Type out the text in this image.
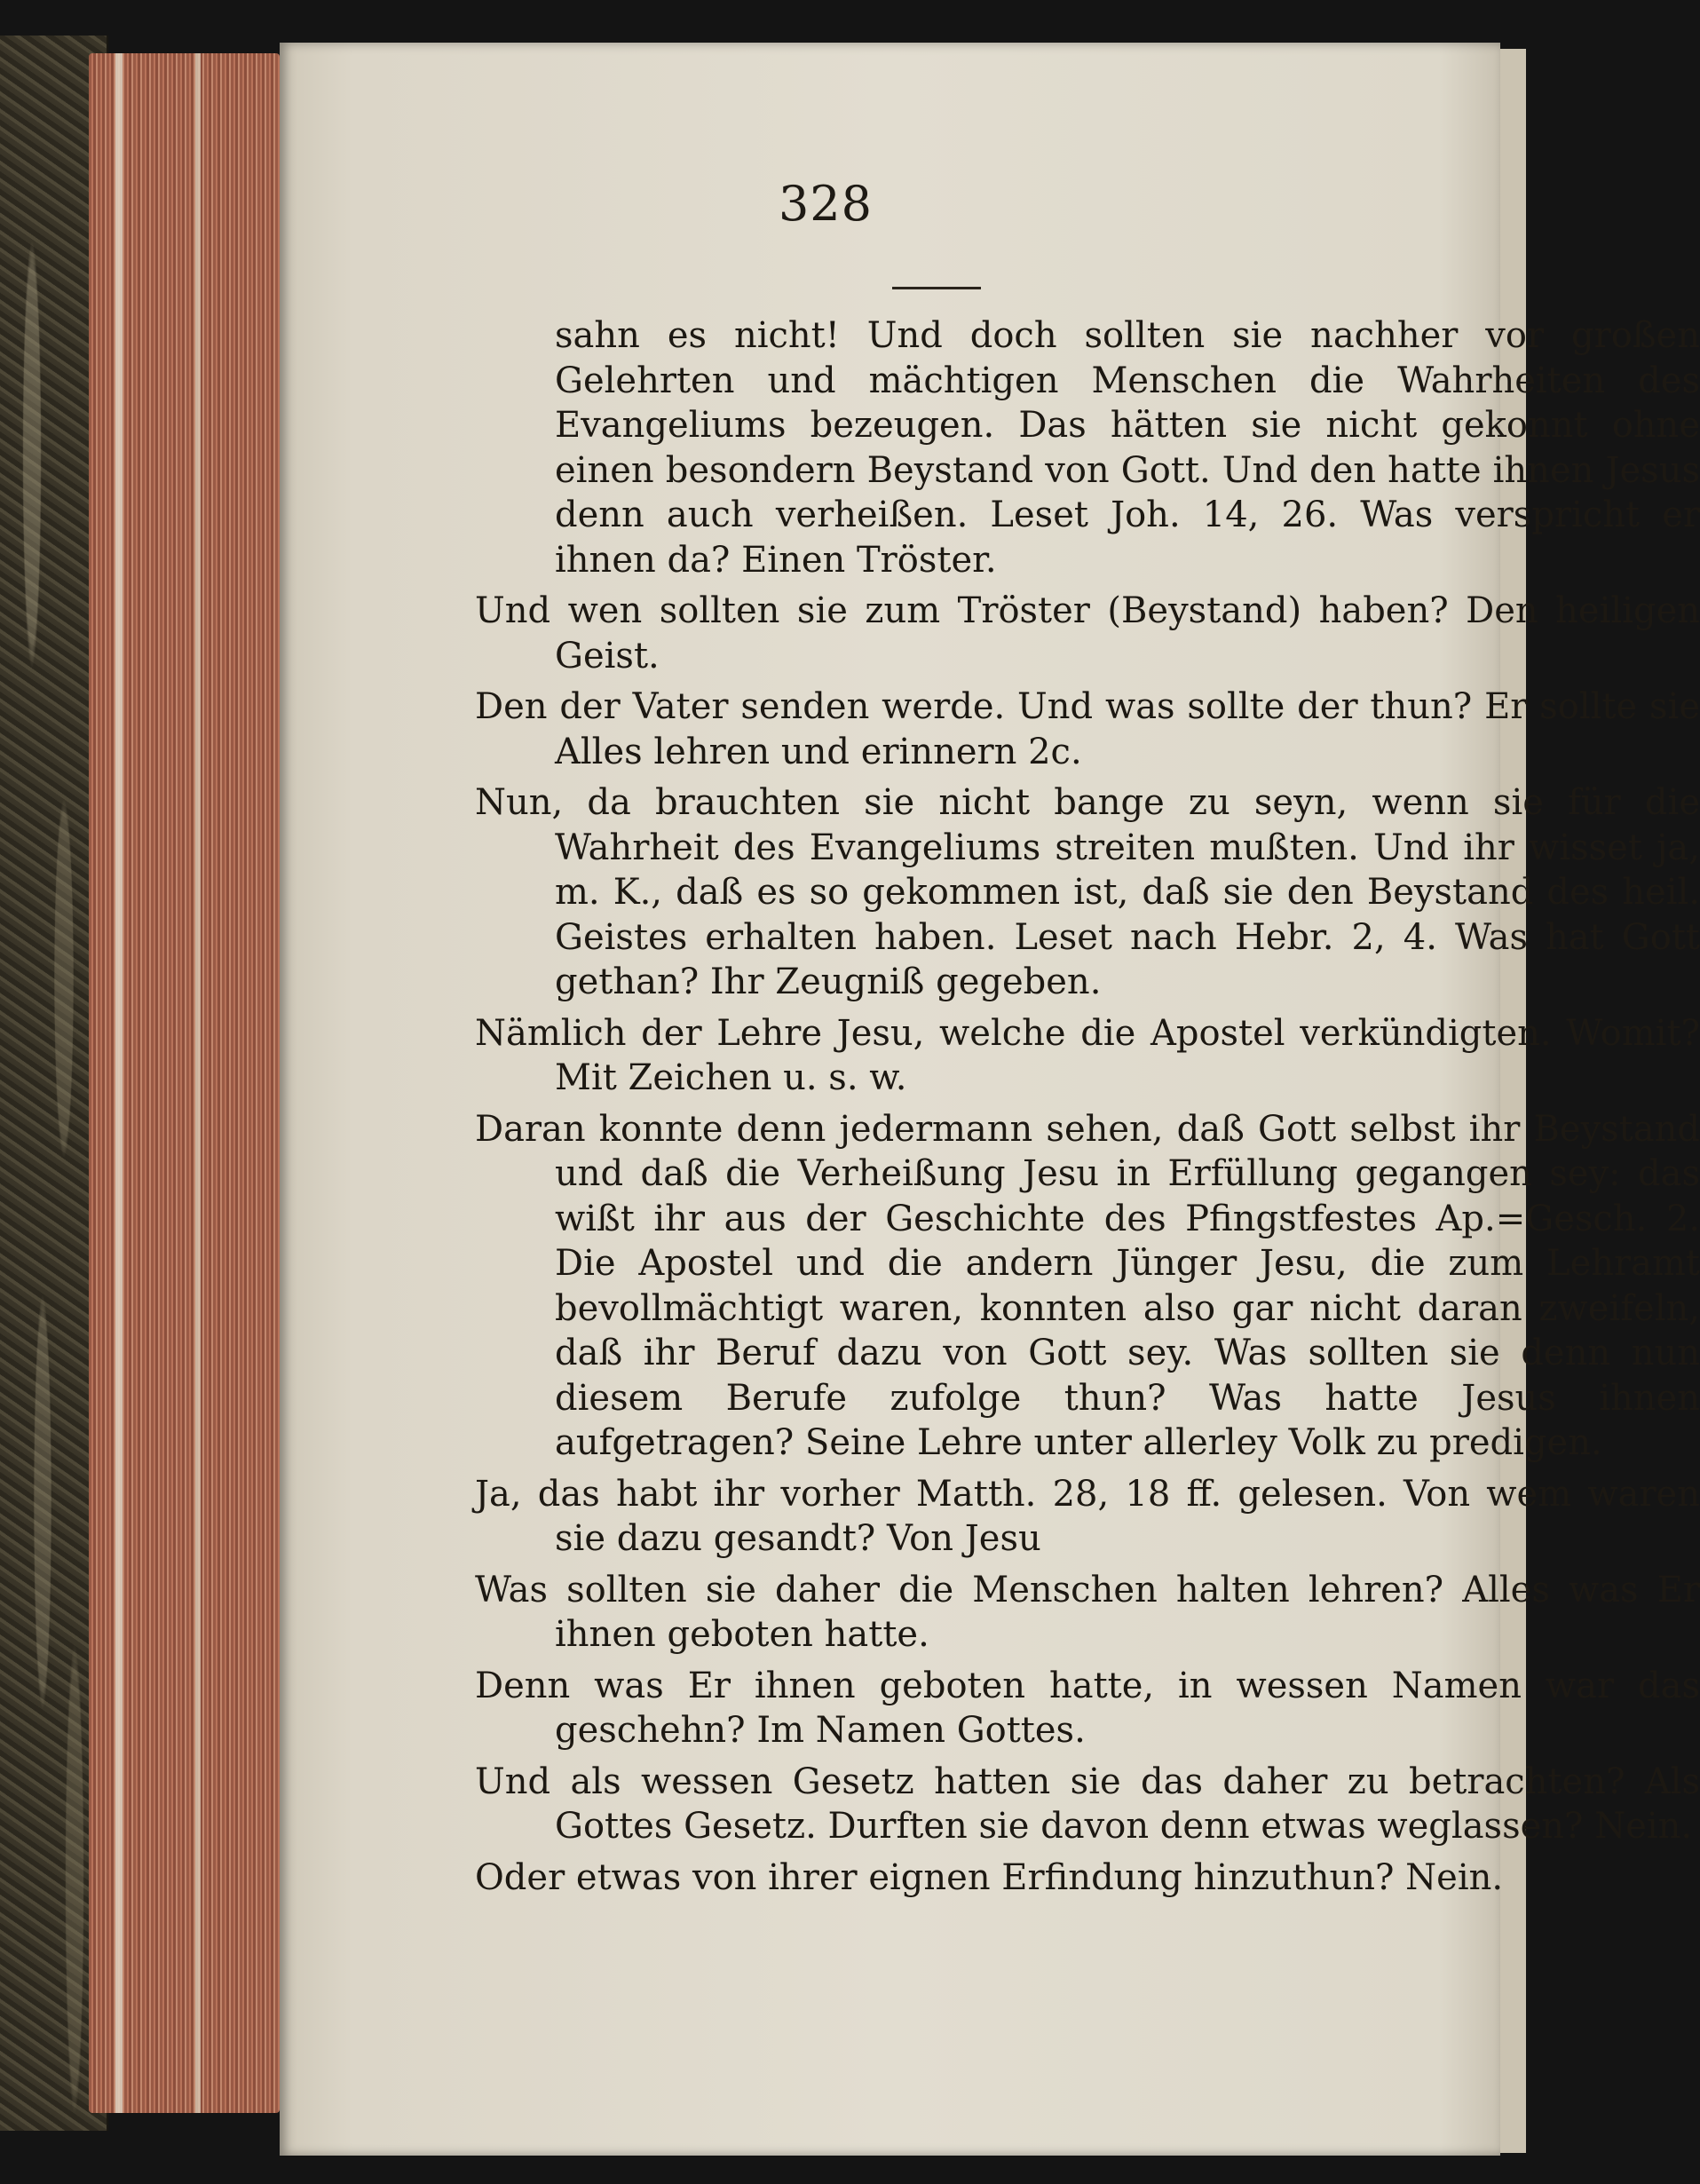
328

sahn es nicht! Und doch sollten sie nachher vor großen Gelehrten und mächtigen Menschen die Wahrheiten des Evangeliums bezeugen. Das hätten sie nicht gekonnt ohne einen besondern Beystand von Gott. Und den hatte ihnen Jesus denn auch verheißen. Leset Joh. 14, 26. Was verspricht er ihnen da? Einen Tröster.

Und wen sollten sie zum Tröster (Beystand) haben? Den heiligen Geist.

Den der Vater senden werde. Und was sollte der thun? Er sollte sie Alles lehren und erinnern 2c.

Nun, da brauchten sie nicht bange zu seyn, wenn sie für die Wahrheit des Evangeliums streiten mußten. Und ihr wisset ja, m. K., daß es so gekommen ist, daß sie den Beystand des heil. Geistes erhalten haben. Leset nach Hebr. 2, 4. Was hat Gott gethan? Ihr Zeugniß gegeben.

Nämlich der Lehre Jesu, welche die Apostel verkündigten. Womit? Mit Zeichen u. s. w.

Daran konnte denn jedermann sehen, daß Gott selbst ihr Beystand und daß die Verheißung Jesu in Erfüllung gegangen sey: das wißt ihr aus der Geschichte des Pfingstfestes Ap.=Gesch. 2. Die Apostel und die andern Jünger Jesu, die zum Lehramt bevollmächtigt waren, konnten also gar nicht daran zweifeln, daß ihr Beruf dazu von Gott sey. Was sollten sie denn nun diesem Berufe zufolge thun? Was hatte Jesus ihnen aufgetragen? Seine Lehre unter allerley Volk zu predigen.

Ja, das habt ihr vorher Matth. 28, 18 ff. gelesen. Von wem waren sie dazu gesandt? Von Jesu

Was sollten sie daher die Menschen halten lehren? Alles was Er ihnen geboten hatte.

Denn was Er ihnen geboten hatte, in wessen Namen war das geschehn? Im Namen Gottes.

Und als wessen Gesetz hatten sie das daher zu betrachten? Als Gottes Gesetz. Durften sie davon denn etwas weglassen? Nein.

Oder etwas von ihrer eignen Erfindung hinzuthun? Nein.
